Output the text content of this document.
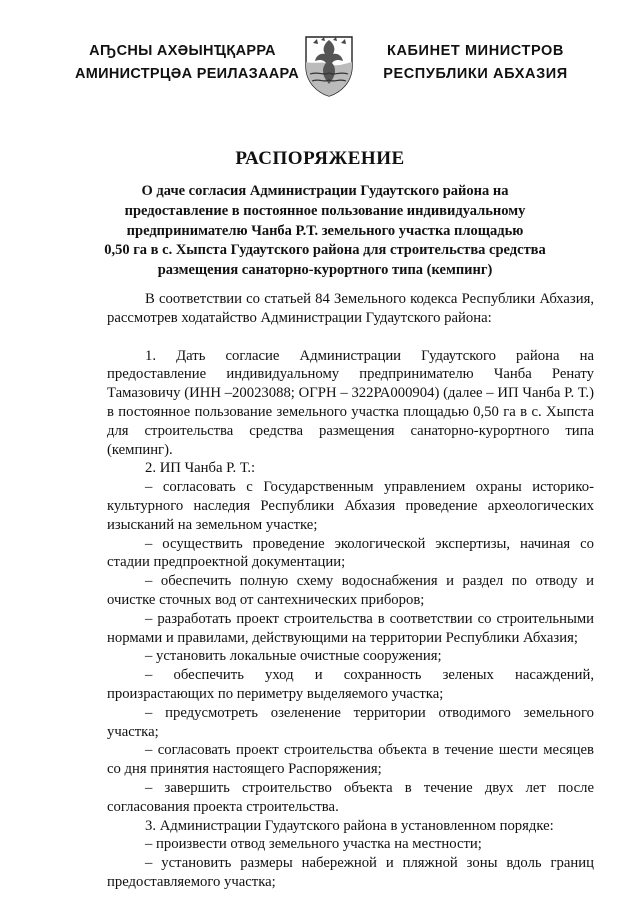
АҦСНЫ АХӘЫНҴҚАРРА
АМИНИСТРЦӘА РЕИЛАЗААРА
КАБИНЕТ МИНИСТРОВ
РЕСПУБЛИКИ АБХАЗИЯ
РАСПОРЯЖЕНИЕ
О даче согласия Администрации Гудаутского района на
предоставление в постоянное пользование индивидуальному
предпринимателю Чанба Р.Т. земельного участка площадью
0,50 га в с. Хыпста Гудаутского района для строительства средства
размещения санаторно-курортного типа (кемпинг)

В соответствии со статьей 84 Земельного кодекса Республики Абхазия, рассмотрев ходатайство Администрации Гудаутского района:

1. Дать согласие Администрации Гудаутского района на предоставление индивидуальному предпринимателю Чанба Ренату Тамазовичу (ИНН –20023088; ОГРН – 322РА000904) (далее – ИП Чанба Р. Т.) в постоянное пользование земельного участка площадью 0,50 га в с. Хыпста для строительства средства размещения санаторно-курортного типа (кемпинг).

2. ИП Чанба Р. Т.:

– согласовать с Государственным управлением охраны историко-культурного наследия Республики Абхазия проведение археологических изысканий на земельном участке;

– осуществить проведение экологической экспертизы, начиная со стадии предпроектной документации;

– обеспечить полную схему водоснабжения и раздел по отводу и очистке сточных вод от сантехнических приборов;

– разработать проект строительства в соответствии со строительными нормами и правилами, действующими на территории Республики Абхазия;

– установить локальные очистные сооружения;

– обеспечить уход и сохранность зеленых насаждений, произрастающих по периметру выделяемого участка;

– предусмотреть озеленение территории отводимого земельного участка;

– согласовать проект строительства объекта в течение шести месяцев со дня принятия настоящего Распоряжения;

– завершить строительство объекта в течение двух лет после согласования проекта строительства.

3. Администрации Гудаутского района в установленном порядке:

– произвести отвод земельного участка на местности;

– установить размеры набережной и пляжной зоны вдоль границ предоставляемого участка;
